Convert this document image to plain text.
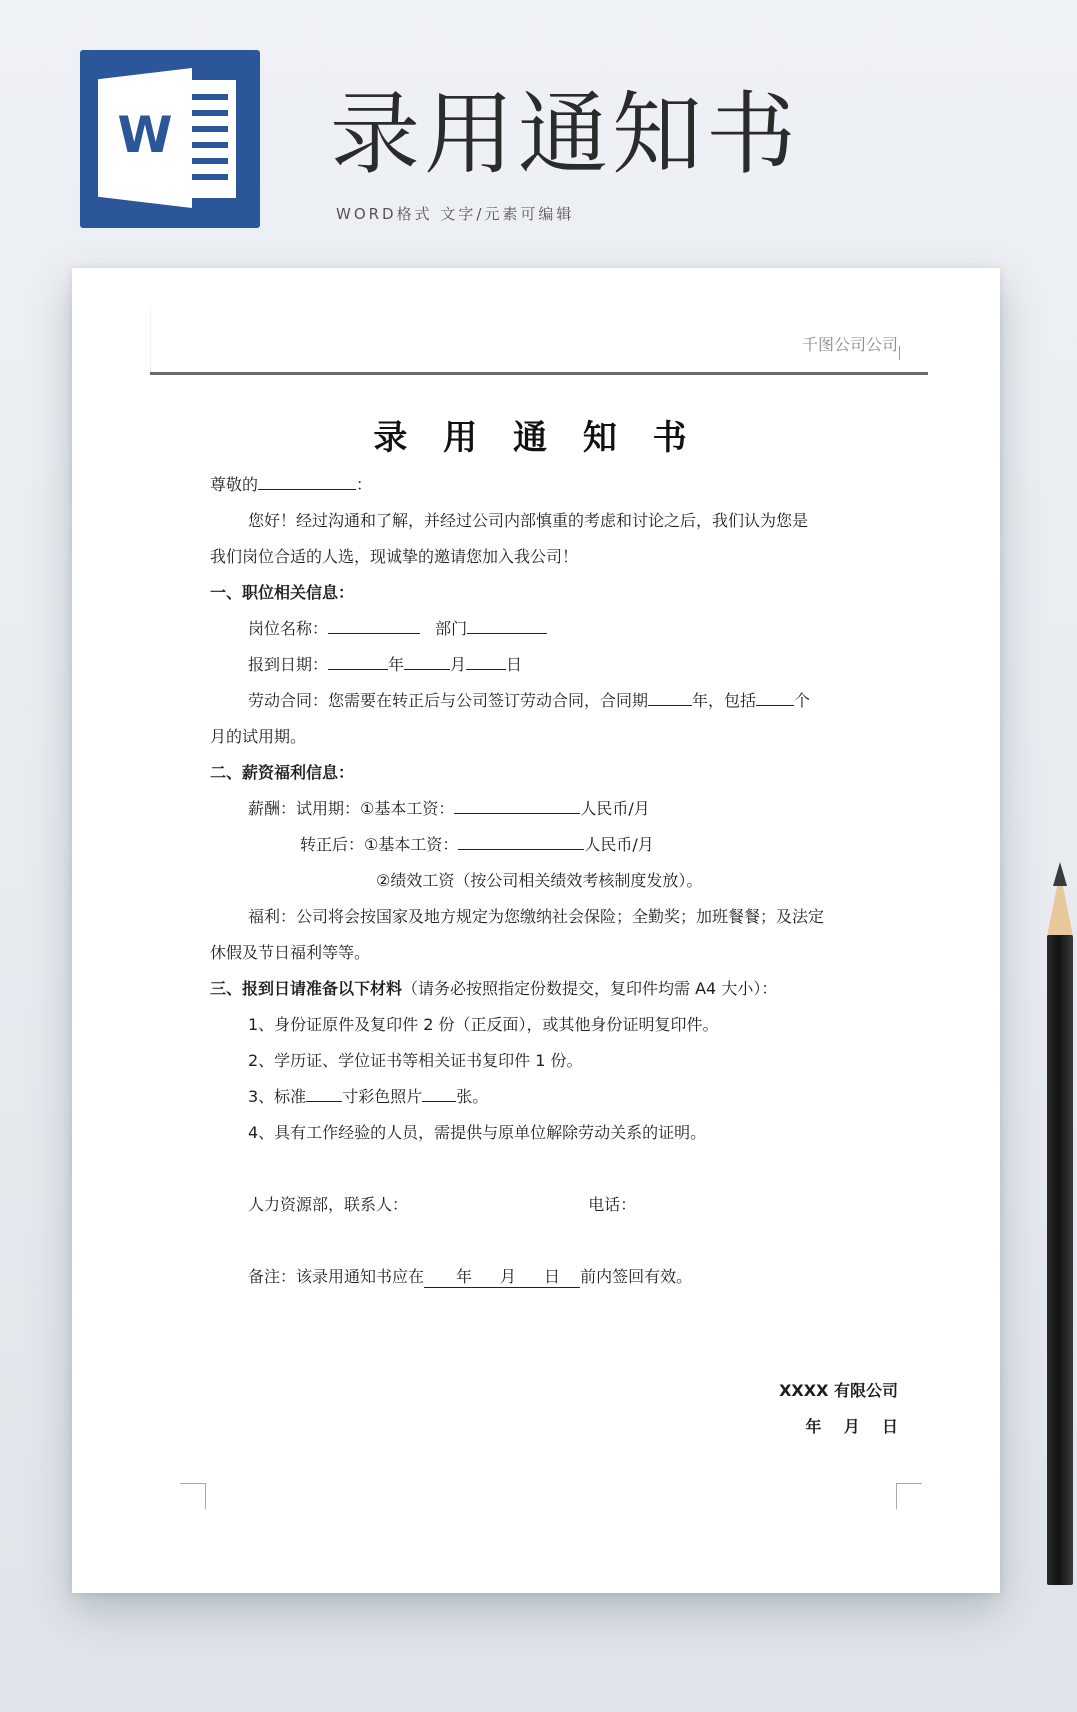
W 录用通知书
WORD格式 文字/元素可编辑
千图公司公司
录 用 通 知 书
尊敬的	：
您好！经过沟通和了解，并经过公司内部慎重的考虑和讨论之后，我们认为您是
我们岗位合适的人选，现诚挚的邀请您加入我公司！
一、职位相关信息：
岗位名称：	部门
报到日期：	年	月	日
劳动合同：您需要在转正后与公司签订劳动合同，合同期	年，包括 个
月的试用期。
二、薪资福利信息：
薪酬：试用期：①基本工资：	人民币/月
转正后：①基本工资：	人民币/月
②绩效工资（按公司相关绩效考核制度发放）。
福利：公司将会按国家及地方规定为您缴纳社会保险；全勤奖；加班餐餐；及法定
休假及节日福利等等。
三、报到日请准备以下材料（请务必按照指定份数提交，复印件均需 A4 大小）：
1、身份证原件及复印件 2 份（正反面），或其他身份证明复印件。
2、学历证、学位证书等相关证书复印件 1 份。
3、标准 寸彩色照片 张。
4、具有工作经验的人员，需提供与原单位解除劳动关系的证明。
人力资源部，联系人：	电话：
备注：该录用通知书应在 年 月 日 前内签回有效。
XXXX 有限公司
年    月    日
